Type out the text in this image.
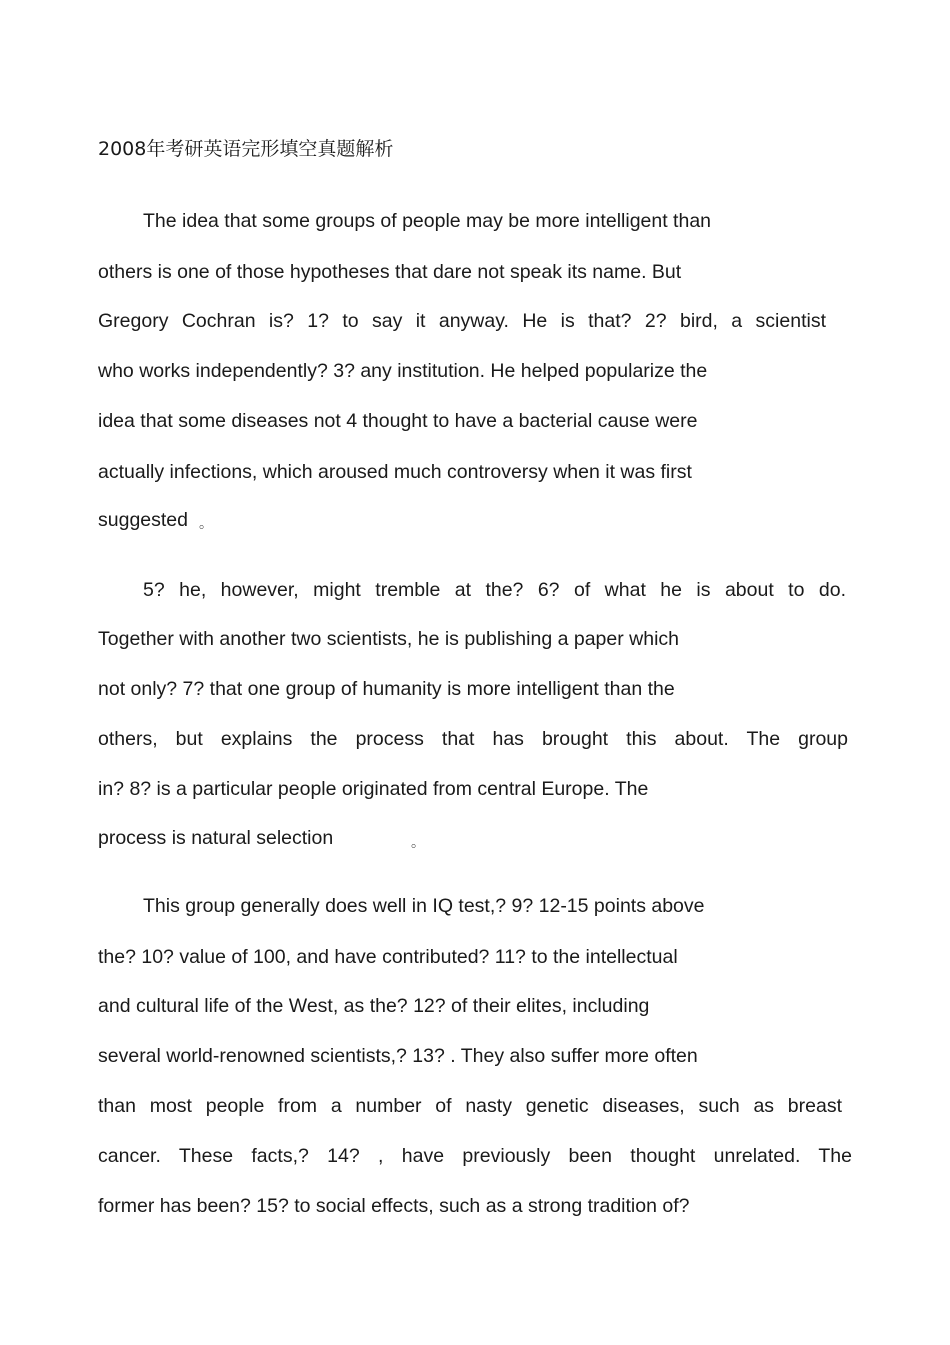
2008年考研英语完形填空真题解析
The idea that some groups of people may be more intelligent than
others is one of those hypotheses that dare not speak its name. But
Gregory Cochran is? 1? to say it anyway. He is that? 2? bird, a scientist
who works independently? 3? any institution. He helped popularize the
idea that some diseases not 4 thought to have a bacterial cause were
actually infections, which aroused much controversy when it was first
suggested 。
5? he, however, might tremble at the? 6? of what he is about to do.
Together with another two scientists, he is publishing a paper which
not only? 7? that one group of humanity is more intelligent than the
others, but explains the process that has brought this about. The group
in? 8? is a particular people originated from central Europe. The
process is natural selection	。
This group generally does well in IQ test,? 9? 12-15 points above
the? 10? value of 100, and have contributed? 11? to the intellectual
and cultural life of the West, as the? 12? of their elites, including
several world-renowned scientists,? 13? . They also suffer more often
than most people from a number of nasty genetic diseases, such as breast
cancer. These facts,? 14? , have previously been thought unrelated. The
former has been? 15? to social effects, such as a strong tradition of?
